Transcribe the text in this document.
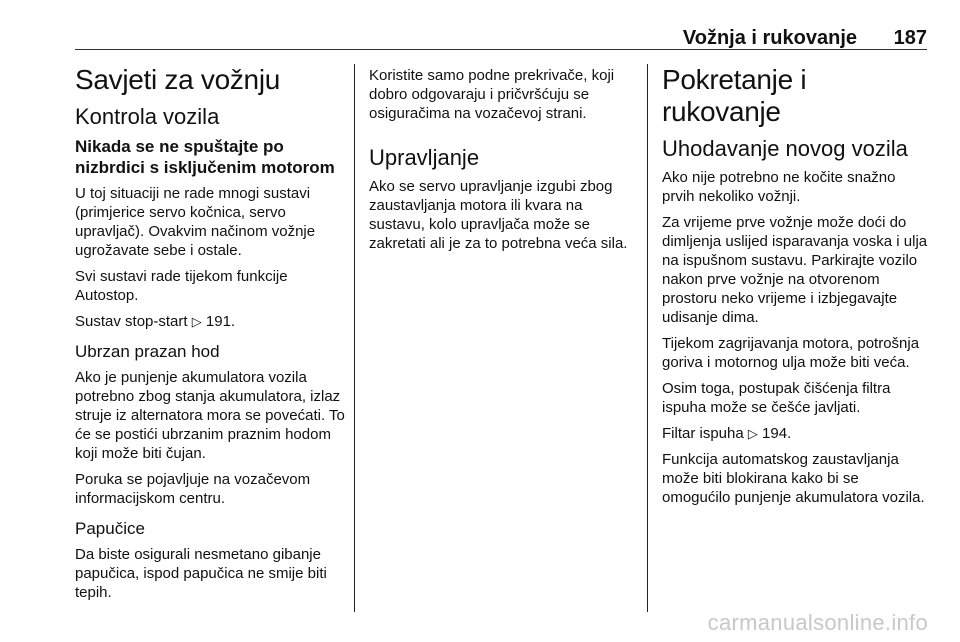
Vožnja i rukovanje 187
Savjeti za vožnju
Kontrola vozila
Nikada se ne spuštajte po nizbrdici s isključenim motorom

U toj situaciji ne rade mnogi sustavi (primjerice servo kočnica, servo upravljač). Ovakvim načinom vožnje ugrožavate sebe i ostale.

Svi sustavi rade tijekom funkcije Autostop.

Sustav stop-start ▷ 191.

Ubrzan prazan hod

Ako je punjenje akumulatora vozila potrebno zbog stanja akumulatora, izlaz struje iz alternatora mora se povećati. To će se postići ubrzanim praznim hodom koji može biti čujan.

Poruka se pojavljuje na vozačevom informacijskom centru.

Papučice

Da biste osigurali nesmetano gibanje papučica, ispod papučica ne smije biti tepih.

Koristite samo podne prekrivače, koji dobro odgovaraju i pričvršćuju se osiguračima na vozačevoj strani.

Upravljanje

Ako se servo upravljanje izgubi zbog zaustavljanja motora ili kvara na sustavu, kolo upravljača može se zakretati ali je za to potrebna veća sila.

Pokretanje i rukovanje
Uhodavanje novog vozila

Ako nije potrebno ne kočite snažno prvih nekoliko vožnji.

Za vrijeme prve vožnje može doći do dimljenja uslijed isparavanja voska i ulja na ispušnom sustavu. Parkirajte vozilo nakon prve vožnje na otvorenom prostoru neko vrijeme i izbjegavajte udisanje dima.

Tijekom zagrijavanja motora, potrošnja goriva i motornog ulja može biti veća.

Osim toga, postupak čišćenja filtra ispuha može se češće javljati.

Filtar ispuha ▷ 194.

Funkcija automatskog zaustavljanja može biti blokirana kako bi se omogućilo punjenje akumulatora vozila.

carmanualsonline.info
